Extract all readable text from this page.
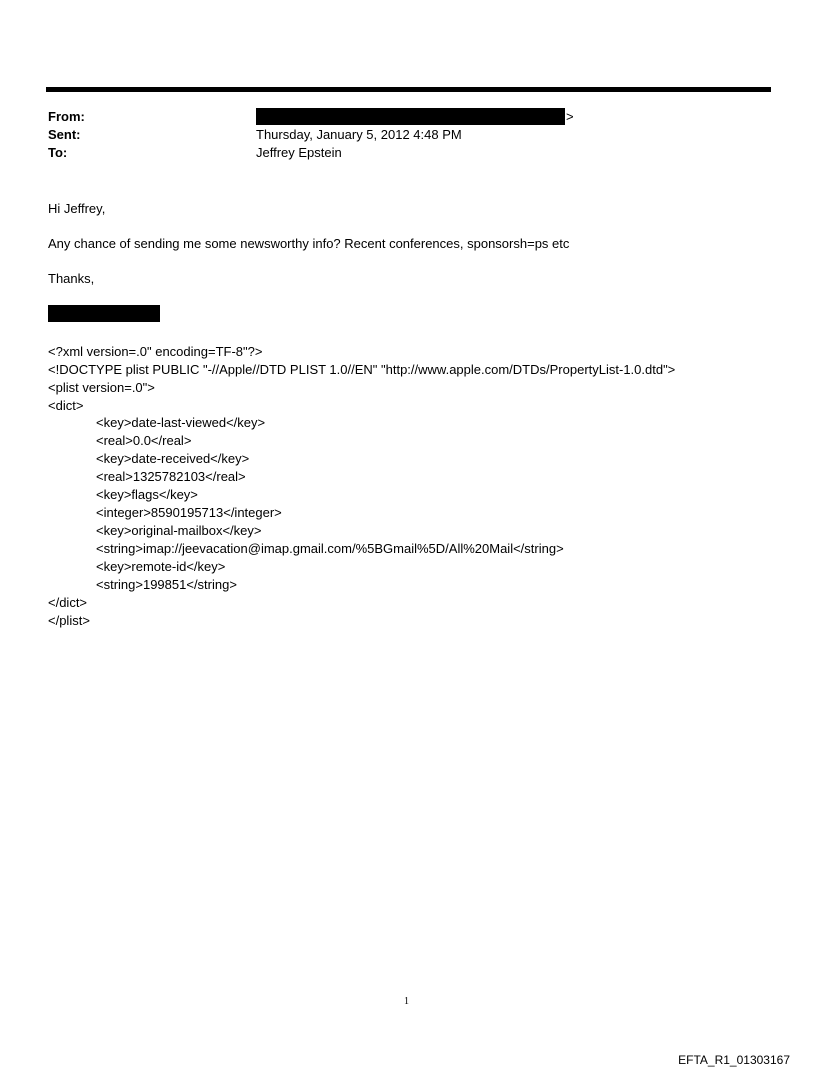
From:	>
Sent:	Thursday, January 5, 2012 4:48 PM
To:	Jeffrey Epstein
Hi Jeffrey,
Any chance of sending me some newsworthy info? Recent conferences, sponsorsh=ps etc
Thanks,
<?xml version=.0" encoding=TF-8"?>
<!DOCTYPE plist PUBLIC "-//Apple//DTD PLIST 1.0//EN" "http://www.apple.com/DTDs/PropertyList-1.0.dtd">
<plist version=.0">
<dict>
<key>date-last-viewed</key>
<real>0.0</real>
<key>date-received</key>
<real>1325782103</real>
<key>flags</key>
<integer>8590195713</integer>
<key>original-mailbox</key>
<string>imap://jeevacation@imap.gmail.com/%5BGmail%5D/All%20Mail</string>
<key>remote-id</key>
<string>199851</string>
</dict>
</plist>
1
EFTA_R1_01303167
